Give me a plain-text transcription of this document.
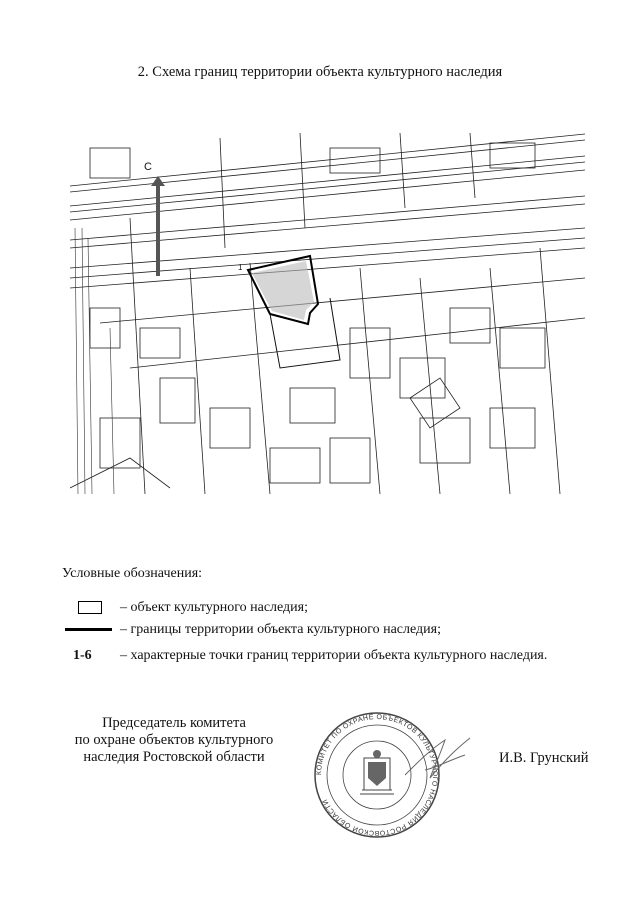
2. Схема границ территории объекта культурного наследия
С
1
Условные обозначения:
– объект культурного наследия;
– границы территории объекта культурного наследия;
1-6 – характерные точки границ территории объекта культурного наследия.
Председатель комитета
по охране объектов культурного
наследия Ростовской области
КОМИТЕТ ПО ОХРАНЕ ОБЪЕКТОВ КУЛЬТУРНОГО НАСЛЕДИЯ РОСТОВСКОЙ ОБЛАСТИ
И.В. Грунский
